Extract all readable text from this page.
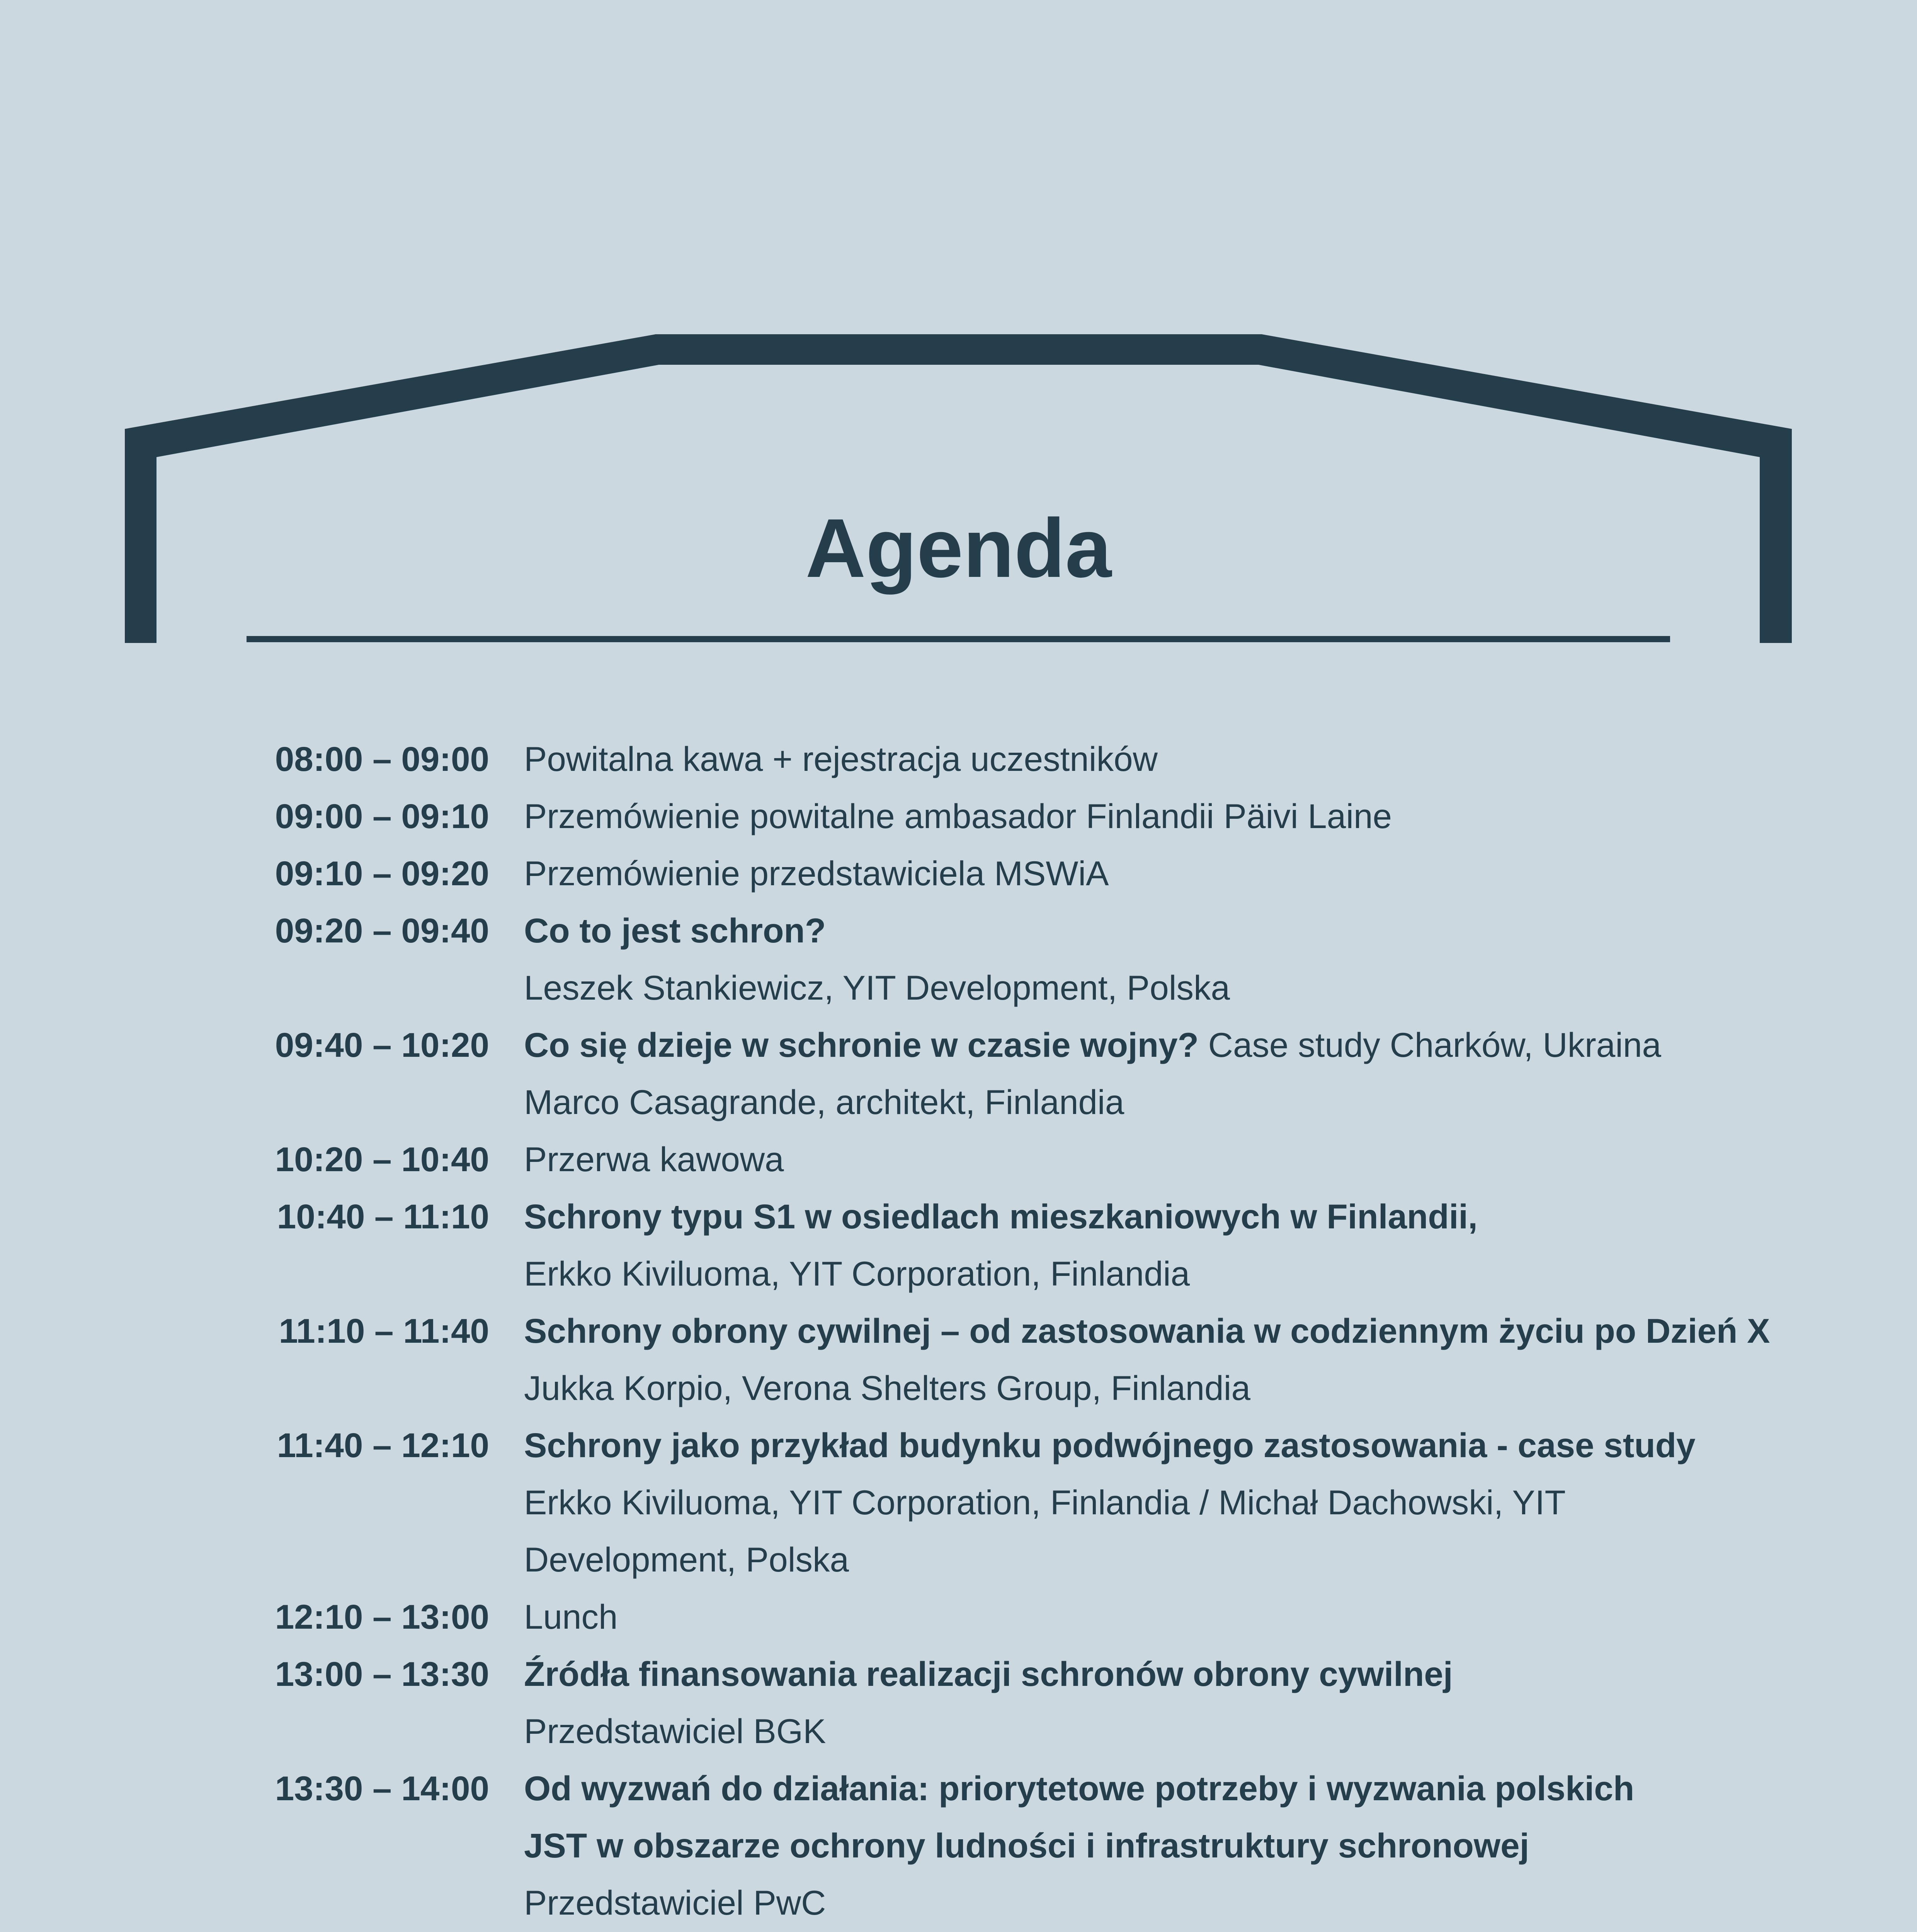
Agenda
08:00 – 09:00 Powitalna kawa + rejestracja uczestników
09:00 – 09:10 Przemówienie powitalne ambasador Finlandii Päivi Laine
09:10 – 09:20 Przemówienie przedstawiciela MSWiA
09:20 – 09:40 Co to jest schron?
Leszek Stankiewicz, YIT Development, Polska
09:40 – 10:20 Co się dzieje w schronie w czasie wojny? Case study Charków, Ukraina
Marco Casagrande, architekt, Finlandia
10:20 – 10:40 Przerwa kawowa
10:40 – 11:10 Schrony typu S1 w osiedlach mieszkaniowych w Finlandii,
Erkko Kiviluoma, YIT Corporation, Finlandia
11:10 – 11:40 Schrony obrony cywilnej – od zastosowania w codziennym życiu po Dzień X
Jukka Korpio, Verona Shelters Group, Finlandia
11:40 – 12:10 Schrony jako przykład budynku podwójnego zastosowania - case study
Erkko Kiviluoma, YIT Corporation, Finlandia / Michał Dachowski, YIT
Development, Polska
12:10 – 13:00 Lunch
13:00 – 13:30 Źródła finansowania realizacji schronów obrony cywilnej
Przedstawiciel BGK
13:30 – 14:00 Od wyzwań do działania: priorytetowe potrzeby i wyzwania polskich
JST w obszarze ochrony ludności i infrastruktury schronowej
Przedstawiciel PwC
